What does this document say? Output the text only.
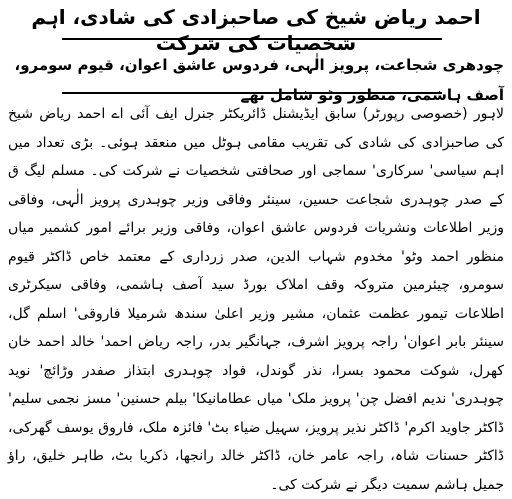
احمد ریاض شیخ کی صاحبزادی کی شادی، اہم شخصیات کی شرکت
چودھری شجاعت، پرویز الٰہی، فردوس عاشق اعوان، قیوم سومرو، آصف ہاشمی، منظور وٹو شامل تھے
لاہور (خصوصی رپورٹر) سابق ایڈیشنل ڈائریکٹر جنرل ایف آئی اے احمد ریاض شیخ کی صاحبزادی کی شادی کی تقریب مقامی ہوٹل میں منعقد ہوئی۔ بڑی تعداد میں اہم سیاسی' سرکاری' سماجی اور صحافتی شخصیات نے شرکت کی۔ مسلم لیگ ق کے صدر چوہدری شجاعت حسین، سینئر وفاقی وزیر چوہدری پرویز الٰہی، وفاقی وزیر اطلاعات ونشریات فردوس عاشق اعوان، وفاقی وزیر برائے امور کشمیر میاں منظور احمد وٹو' مخدوم شہاب الدین، صدر زرداری کے معتمد خاص ڈاکٹر قیوم سومرو، چیئرمین متروکہ وقف املاک بورڈ سید آصف ہاشمی، وفاقی سیکرٹری اطلاعات تیمور عظمت عثمان، مشیر وزیر اعلیٰ سندھ شرمیلا فاروقی' اسلم گل، سینئر بابر اعوان' راجہ پرویز اشرف، جہانگیر بدر، راجہ ریاض احمد' خالد احمد خان کھرل، شوکت محمود بسرا، نذر گوندل، فواد چوہدری ابتذاز صفدر وڑائچ' نوید چوہدری' ندیم افضل چن' پرویز ملک' میاں عطامانیکا' بیلم حسنین' مسز نجمی سلیم' ڈاکٹر جاوید اکرم' ڈاکٹر نذیر پرویز، سہیل ضیاء بٹ' فائزہ ملک، فاروق یوسف گھرکی، ڈاکٹر حسنات شاہ، راجہ عامر خان، ڈاکٹر خالد رانجھا، ذکریا بٹ، طاہر خلیق، راؤ جمیل ہاشم سمیت دیگر نے شرکت کی۔
